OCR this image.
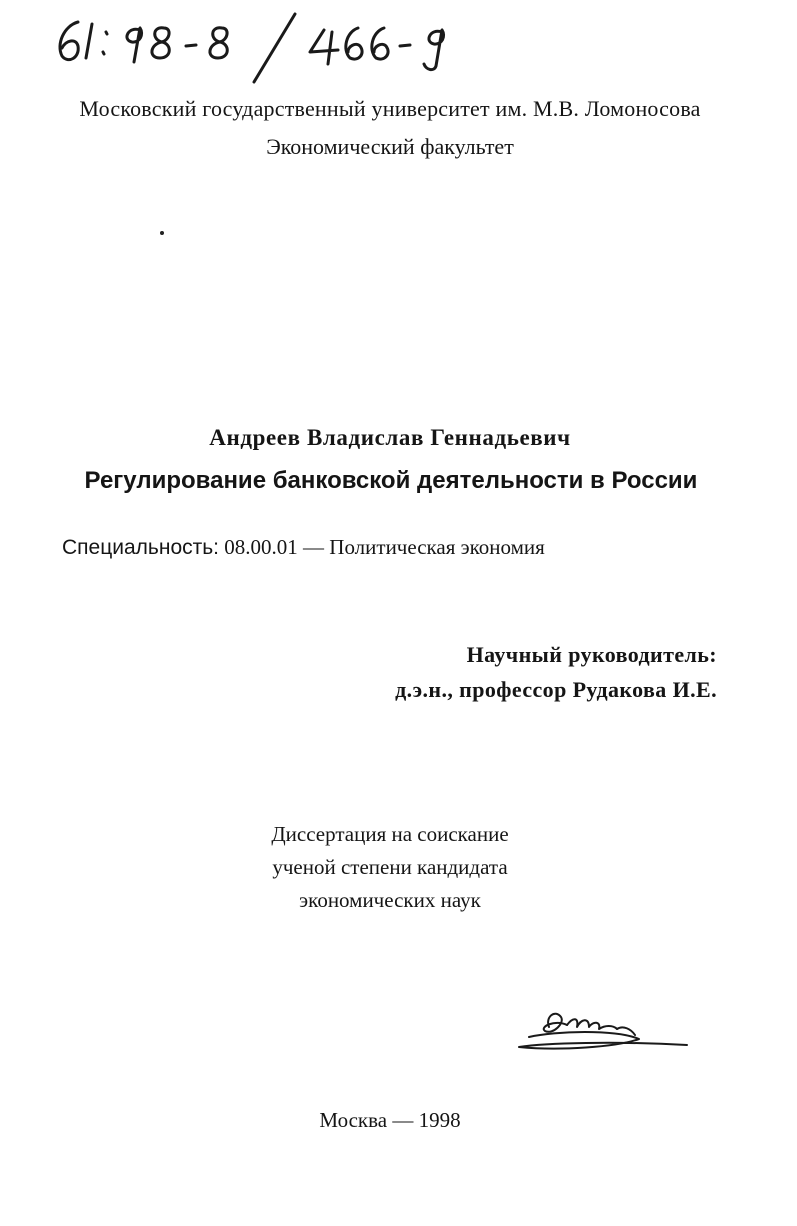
Московский государственный университет им. М.В. Ломоносова

Экономический факультет

Андреев Владислав Геннадьевич

Регулирование банковской деятельности в России

Специальность: 08.00.01 — Политическая экономия

Научный руководитель:

д.э.н., профессор Рудакова И.Е.

Диссертация на соискание
ученой степени кандидата
экономических наук

Москва — 1998
